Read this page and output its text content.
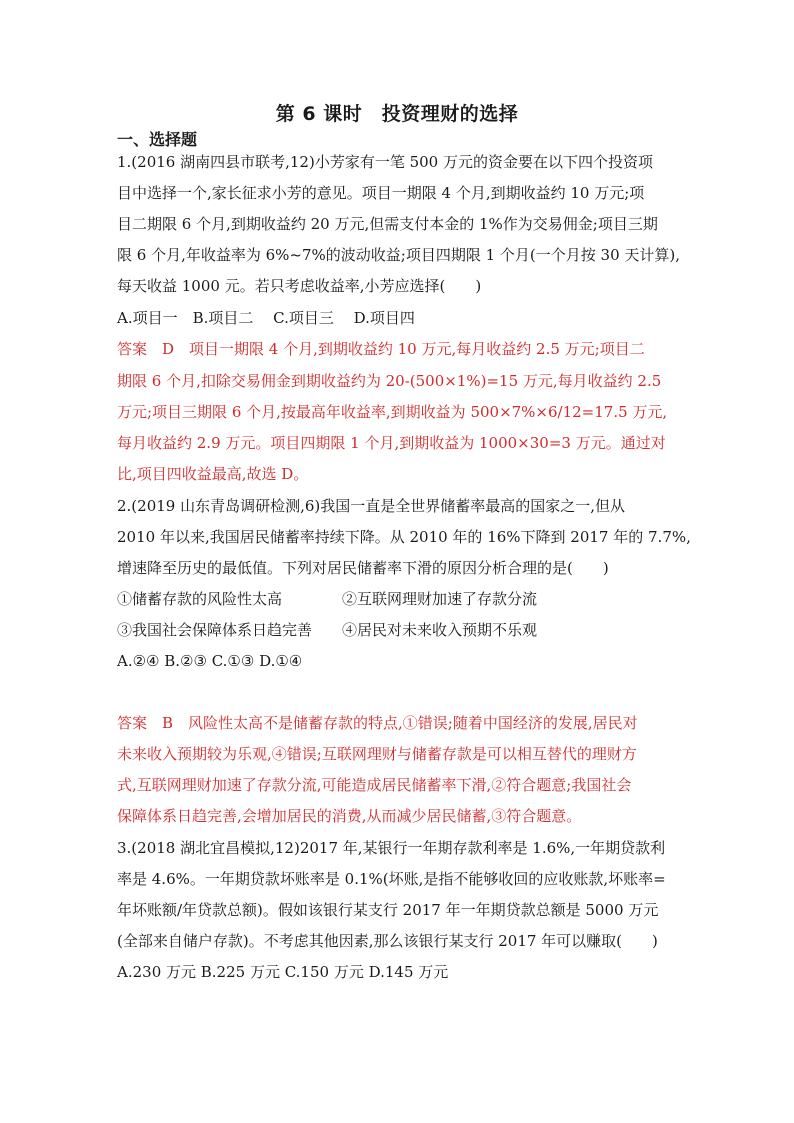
第 6 课时　投资理财的选择
一、选择题
1.(2016 湖南四县市联考,12)小芳家有一笔 500 万元的资金要在以下四个投资项
目中选择一个,家长征求小芳的意见。项目一期限 4 个月,到期收益约 10 万元;项
目二期限 6 个月,到期收益约 20 万元,但需支付本金的 1%作为交易佣金;项目三期
限 6 个月,年收益率为 6%~7%的波动收益;项目四期限 1 个月(一个月按 30 天计算),
每天收益 1000 元。若只考虑收益率,小芳应选择(　　)
A.项目一　B.项目二　 C.项目三　 D.项目四
答案　D　项目一期限 4 个月,到期收益约 10 万元,每月收益约 2.5 万元;项目二
期限 6 个月,扣除交易佣金到期收益约为 20-(500×1%)=15 万元,每月收益约 2.5
万元;项目三期限 6 个月,按最高年收益率,到期收益为 500×7%×6/12=17.5 万元,
每月收益约 2.9 万元。项目四期限 1 个月,到期收益为 1000×30=3 万元。通过对
比,项目四收益最高,故选 D。
2.(2019 山东青岛调研检测,6)我国一直是全世界储蓄率最高的国家之一,但从
2010 年以来,我国居民储蓄率持续下降。从 2010 年的 16%下降到 2017 年的 7.7%,
增速降至历史的最低值。下列对居民储蓄率下滑的原因分析合理的是(　　)
①储蓄存款的风险性太高　　　　②互联网理财加速了存款分流
③我国社会保障体系日趋完善　　④居民对未来收入预期不乐观
A.②④ B.②③ C.①③ D.①④
答案　B　风险性太高不是储蓄存款的特点,①错误;随着中国经济的发展,居民对
未来收入预期较为乐观,④错误;互联网理财与储蓄存款是可以相互替代的理财方
式,互联网理财加速了存款分流,可能造成居民储蓄率下滑,②符合题意;我国社会
保障体系日趋完善,会增加居民的消费,从而减少居民储蓄,③符合题意。
3.(2018 湖北宜昌模拟,12)2017 年,某银行一年期存款利率是 1.6%,一年期贷款利
率是 4.6%。一年期贷款坏账率是 0.1%(坏账,是指不能够收回的应收账款,坏账率=
年坏账额/年贷款总额)。假如该银行某支行 2017 年一年期贷款总额是 5000 万元
(全部来自储户存款)。不考虑其他因素,那么该银行某支行 2017 年可以赚取(　　)
A.230 万元 B.225 万元 C.150 万元 D.145 万元
